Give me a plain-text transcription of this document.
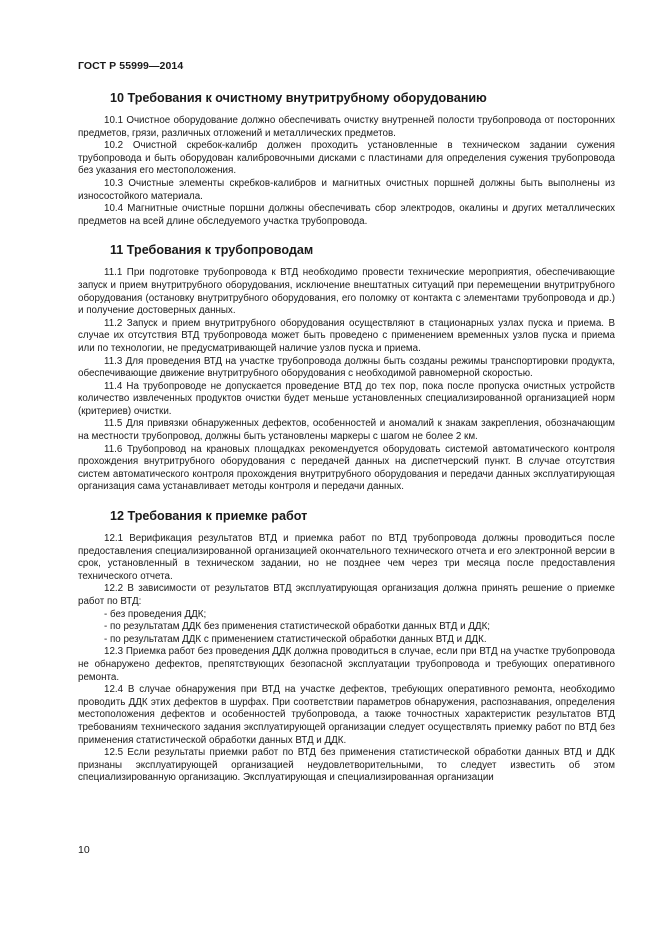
ГОСТ Р 55999—2014
10 Требования к очистному внутритрубному оборудованию

10.1 Очистное оборудование должно обеспечивать очистку внутренней полости трубопровода от посторонних предметов, грязи, различных отложений и металлических предметов.

10.2 Очистной скребок-калибр должен проходить установленные в техническом задании сужения трубопровода и быть оборудован калибровочными дисками с пластинами для определения сужения трубопровода без указания его местоположения.

10.3 Очистные элементы скребков-калибров и магнитных очистных поршней должны быть выполнены из износостойкого материала.

10.4 Магнитные очистные поршни должны обеспечивать сбор электродов, окалины и других металлических предметов на всей длине обследуемого участка трубопровода.

11 Требования к трубопроводам

11.1 При подготовке трубопровода к ВТД необходимо провести технические мероприятия, обеспечивающие запуск и прием внутритрубного оборудования, исключение внештатных ситуаций при перемещении внутритрубного оборудования (остановку внутритрубного оборудования, его поломку от контакта с элементами трубопровода и др.) и получение достоверных данных.

11.2 Запуск и прием внутритрубного оборудования осуществляют в стационарных узлах пуска и приема. В случае их отсутствия ВТД трубопровода может быть проведено с применением временных узлов пуска и приема или по технологии, не предусматривающей наличие узлов пуска и приема.

11.3 Для проведения ВТД на участке трубопровода должны быть созданы режимы транспортировки продукта, обеспечивающие движение внутритрубного оборудования с необходимой равномерной скоростью.

11.4 На трубопроводе не допускается проведение ВТД до тех пор, пока после пропуска очистных устройств количество извлеченных продуктов очистки будет меньше установленных специализированной организацией норм (критериев) очистки.

11.5 Для привязки обнаруженных дефектов, особенностей и аномалий к знакам закрепления, обозначающим на местности трубопровод, должны быть установлены маркеры с шагом не более 2 км.

11.6 Трубопровод на крановых площадках рекомендуется оборудовать системой автоматического контроля прохождения внутритрубного оборудования с передачей данных на диспетчерский пункт. В случае отсутствия систем автоматического контроля прохождения внутритрубного оборудования и передачи данных эксплуатирующая организация сама устанавливает методы контроля и передачи данных.

12 Требования к приемке работ

12.1 Верификация результатов ВТД и приемка работ по ВТД трубопровода должны проводиться после предоставления специализированной организацией окончательного технического отчета и его электронной версии в срок, установленный в техническом задании, но не позднее чем через три месяца после предоставления технического отчета.

12.2 В зависимости от результатов ВТД эксплуатирующая организация должна принять решение о приемке работ по ВТД:

- без проведения ДДК;
- по результатам ДДК без применения статистической обработки данных ВТД и ДДК;
- по результатам ДДК с применением статистической обработки данных ВТД и ДДК.

12.3 Приемка работ без проведения ДДК должна проводиться в случае, если при ВТД на участке трубопровода не обнаружено дефектов, препятствующих безопасной эксплуатации трубопровода и требующих оперативного ремонта.

12.4 В случае обнаружения при ВТД на участке дефектов, требующих оперативного ремонта, необходимо проводить ДДК этих дефектов в шурфах. При соответствии параметров обнаружения, распознавания, определения местоположения дефектов и особенностей трубопровода, а также точностных характеристик результатов ВТД требованиям технического задания эксплуатирующей организации следует осуществлять приемку работ по ВТД без применения статистической обработки данных ВТД и ДДК.

12.5 Если результаты приемки работ по ВТД без применения статистической обработки данных ВТД и ДДК признаны эксплуатирующей организацией неудовлетворительными, то следует известить об этом специализированную организацию. Эксплуатирующая и специализированная организации

10
